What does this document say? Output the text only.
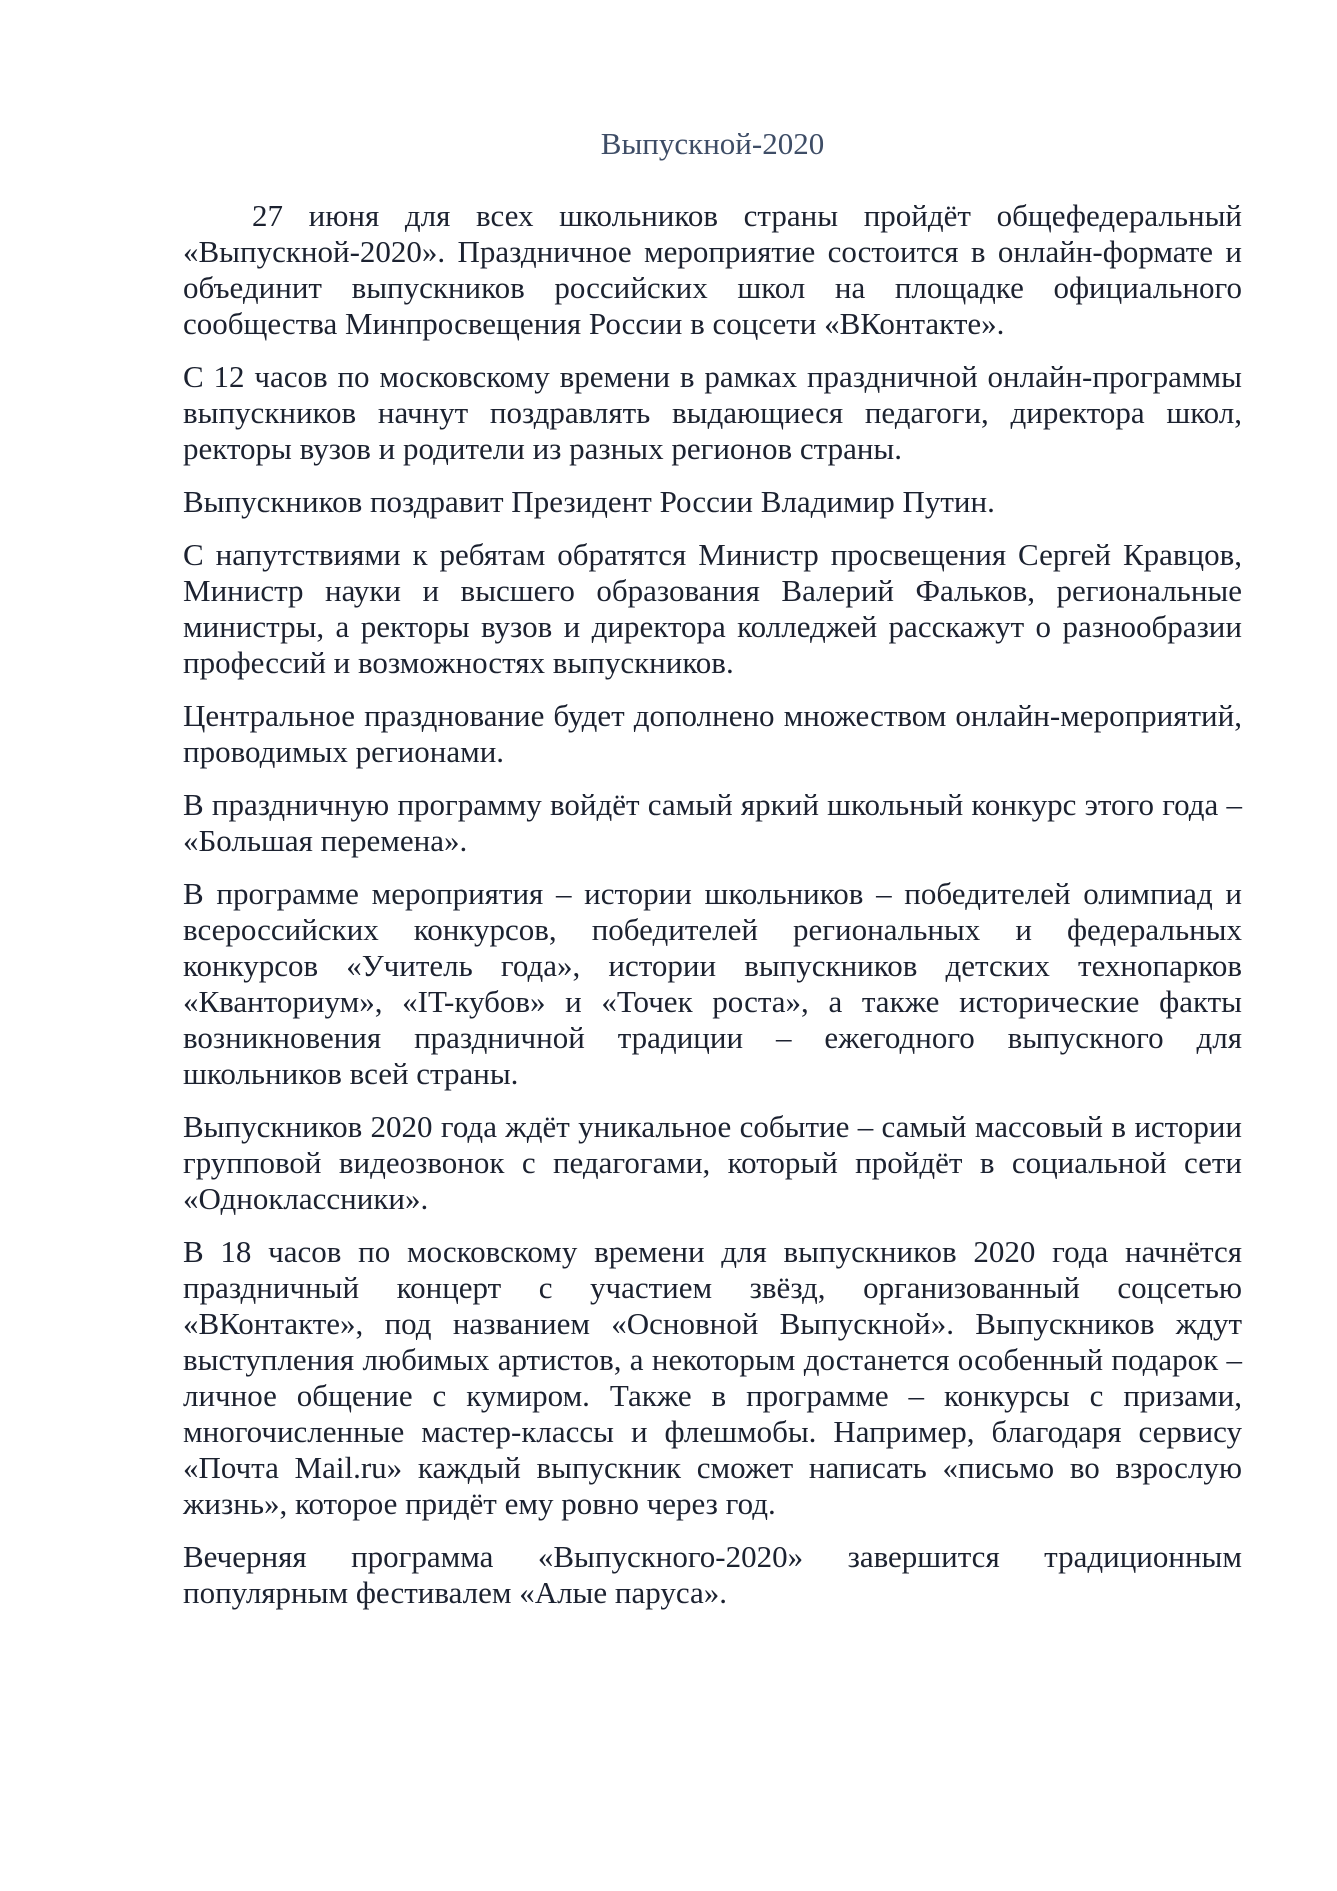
Выпускной-2020

27 июня для всех школьников страны пройдёт общефедеральный «Выпускной-2020». Праздничное мероприятие состоится в онлайн-формате и объединит выпускников российских школ на площадке официального сообщества Минпросвещения России в соцсети «ВКонтакте».

С 12 часов по московскому времени в рамках праздничной онлайн-программы выпускников начнут поздравлять выдающиеся педагоги, директора школ, ректоры вузов и родители из разных регионов страны.

Выпускников поздравит Президент России Владимир Путин.

С напутствиями к ребятам обратятся Министр просвещения Сергей Кравцов, Министр науки и высшего образования Валерий Фальков, региональные министры, а ректоры вузов и директора колледжей расскажут о разнообразии профессий и возможностях выпускников.

Центральное празднование будет дополнено множеством онлайн-мероприятий, проводимых регионами.

В праздничную программу войдёт самый яркий школьный конкурс этого года – «Большая перемена».

В программе мероприятия – истории школьников – победителей олимпиад и всероссийских конкурсов, победителей региональных и федеральных конкурсов «Учитель года», истории выпускников детских технопарков «Кванториум», «IT-кубов» и «Точек роста», а также исторические факты возникновения праздничной традиции – ежегодного выпускного для школьников всей страны.

Выпускников 2020 года ждёт уникальное событие – самый массовый в истории групповой видеозвонок с педагогами, который пройдёт в социальной сети «Одноклассники».

В 18 часов по московскому времени для выпускников 2020 года начнётся праздничный концерт с участием звёзд, организованный соцсетью «ВКонтакте», под названием «Основной Выпускной». Выпускников ждут выступления любимых артистов, а некоторым достанется особенный подарок – личное общение с кумиром. Также в программе – конкурсы с призами, многочисленные мастер-классы и флешмобы. Например, благодаря сервису «Почта Mail.ru» каждый выпускник сможет написать «письмо во взрослую жизнь», которое придёт ему ровно через год.

Вечерняя программа «Выпускного-2020» завершится традиционным популярным фестивалем «Алые паруса».
